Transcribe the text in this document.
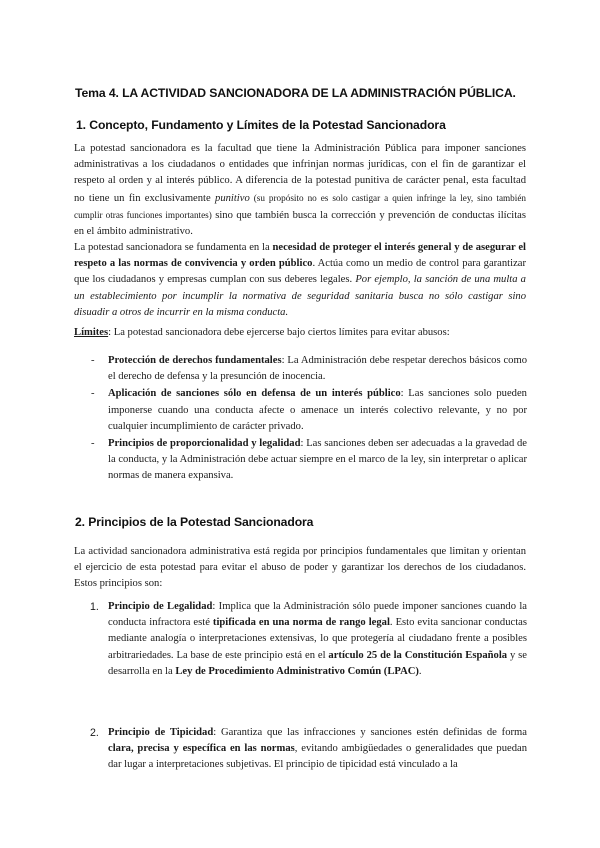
Tema 4. LA ACTIVIDAD SANCIONADORA DE LA ADMINISTRACIÓN PÚBLICA.
1. Concepto, Fundamento y Límites de la Potestad Sancionadora
La potestad sancionadora es la facultad que tiene la Administración Pública para imponer sanciones administrativas a los ciudadanos o entidades que infrinjan normas jurídicas, con el fin de garantizar el respeto al orden y al interés público. A diferencia de la potestad punitiva de carácter penal, esta facultad no tiene un fin exclusivamente punitivo (su propósito no es solo castigar a quien infringe la ley, sino también cumplir otras funciones importantes) sino que también busca la corrección y prevención de conductas ilícitas en el ámbito administrativo.
La potestad sancionadora se fundamenta en la necesidad de proteger el interés general y de asegurar el respeto a las normas de convivencia y orden público. Actúa como un medio de control para garantizar que los ciudadanos y empresas cumplan con sus deberes legales. Por ejemplo, la sanción de una multa a un establecimiento por incumplir la normativa de seguridad sanitaria busca no sólo castigar sino disuadir a otros de incurrir en la misma conducta.
Límites: La potestad sancionadora debe ejercerse bajo ciertos límites para evitar abusos:
- Protección de derechos fundamentales: La Administración debe respetar derechos básicos como el derecho de defensa y la presunción de inocencia.
- Aplicación de sanciones sólo en defensa de un interés público: Las sanciones solo pueden imponerse cuando una conducta afecte o amenace un interés colectivo relevante, y no por cualquier incumplimiento de carácter privado.
- Principios de proporcionalidad y legalidad: Las sanciones deben ser adecuadas a la gravedad de la conducta, y la Administración debe actuar siempre en el marco de la ley, sin interpretar o aplicar normas de manera expansiva.
2. Principios de la Potestad Sancionadora
La actividad sancionadora administrativa está regida por principios fundamentales que limitan y orientan el ejercicio de esta potestad para evitar el abuso de poder y garantizar los derechos de los ciudadanos. Estos principios son:
1. Principio de Legalidad: Implica que la Administración sólo puede imponer sanciones cuando la conducta infractora esté tipificada en una norma de rango legal. Esto evita sancionar conductas mediante analogía o interpretaciones extensivas, lo que protegería al ciudadano frente a posibles arbitrariedades. La base de este principio está en el artículo 25 de la Constitución Española y se desarrolla en la Ley de Procedimiento Administrativo Común (LPAC).
2. Principio de Tipicidad: Garantiza que las infracciones y sanciones estén definidas de forma clara, precisa y específica en las normas, evitando ambigüedades o generalidades que puedan dar lugar a interpretaciones subjetivas. El principio de tipicidad está vinculado a la
